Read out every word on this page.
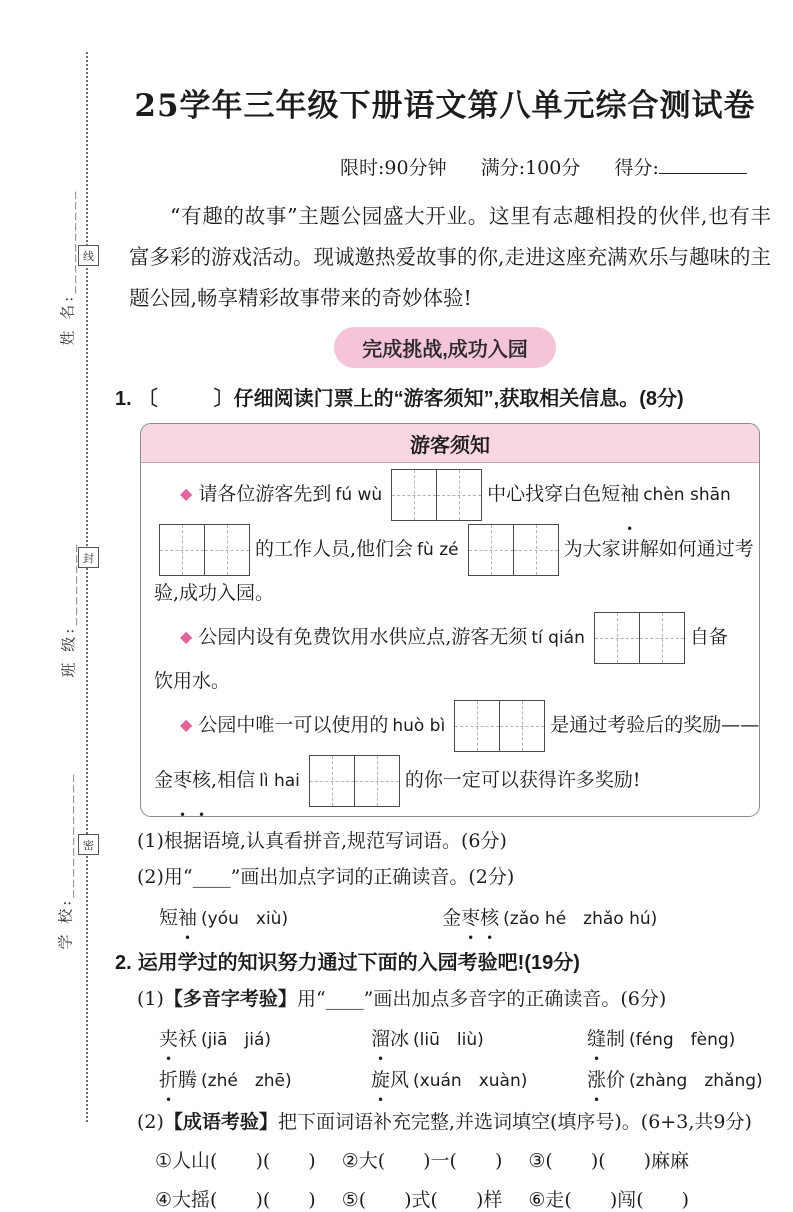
姓 名:__________
班 级:________
学 校:____________
线
封
密
25学年三年级下册语文第八单元综合测试卷
限时:90分钟 满分:100分 得分:

“有趣的故事”主题公园盛大开业。这里有志趣相投的伙伴,也有丰富多彩的游戏活动。现诚邀热爱故事的你,走进这座充满欢乐与趣味的主题公园,畅享精彩故事带来的奇妙体验!

完成挑战,成功入园
1. 〔	〕仔细阅读门票上的“游客须知”,获取相关信息。(8分)
游客须知
◆ 请各位游客先到 fú wù	中心找穿白色短袖 chèn shān
的工作人员,他们会 fù zé	为大家讲解如何通过考
验,成功入园。
◆ 公园内设有免费饮用水供应点,游客无须 tí qián	自备
饮用水。
◆ 公园中唯一可以使用的 huò bì	是通过考验后的奖励——
金枣核,相信 lì hai	的你一定可以获得许多奖励!
(1)根据语境,认真看拼音,规范写词语。(6分)
(2)用“____”画出加点字词的正确读音。(2分)
短袖 (yóu　xiù)	金枣核 (zǎo hé　zhǎo hú)
2. 运用学过的知识努力通过下面的入园考验吧!(19分)
(1)【多音字考验】用“____”画出加点多音字的正确读音。(6分)
夹袄 (jiā　jiá)	溜冰 (liū　liù)	缝制 (féng　fèng)
折腾 (zhé　zhē)	旋风 (xuán　xuàn)	涨价 (zhàng　zhǎng)
(2)【成语考验】把下面词语补充完整,并选词填空(填序号)。(6+3,共9分)
①人山(　　)(　　) ②大(　　)一(　　) ③(　　)(　　)麻麻
④大摇(　　)(　　) ⑤(　　)式(　　)样 ⑥走(　　)闯(　　)
